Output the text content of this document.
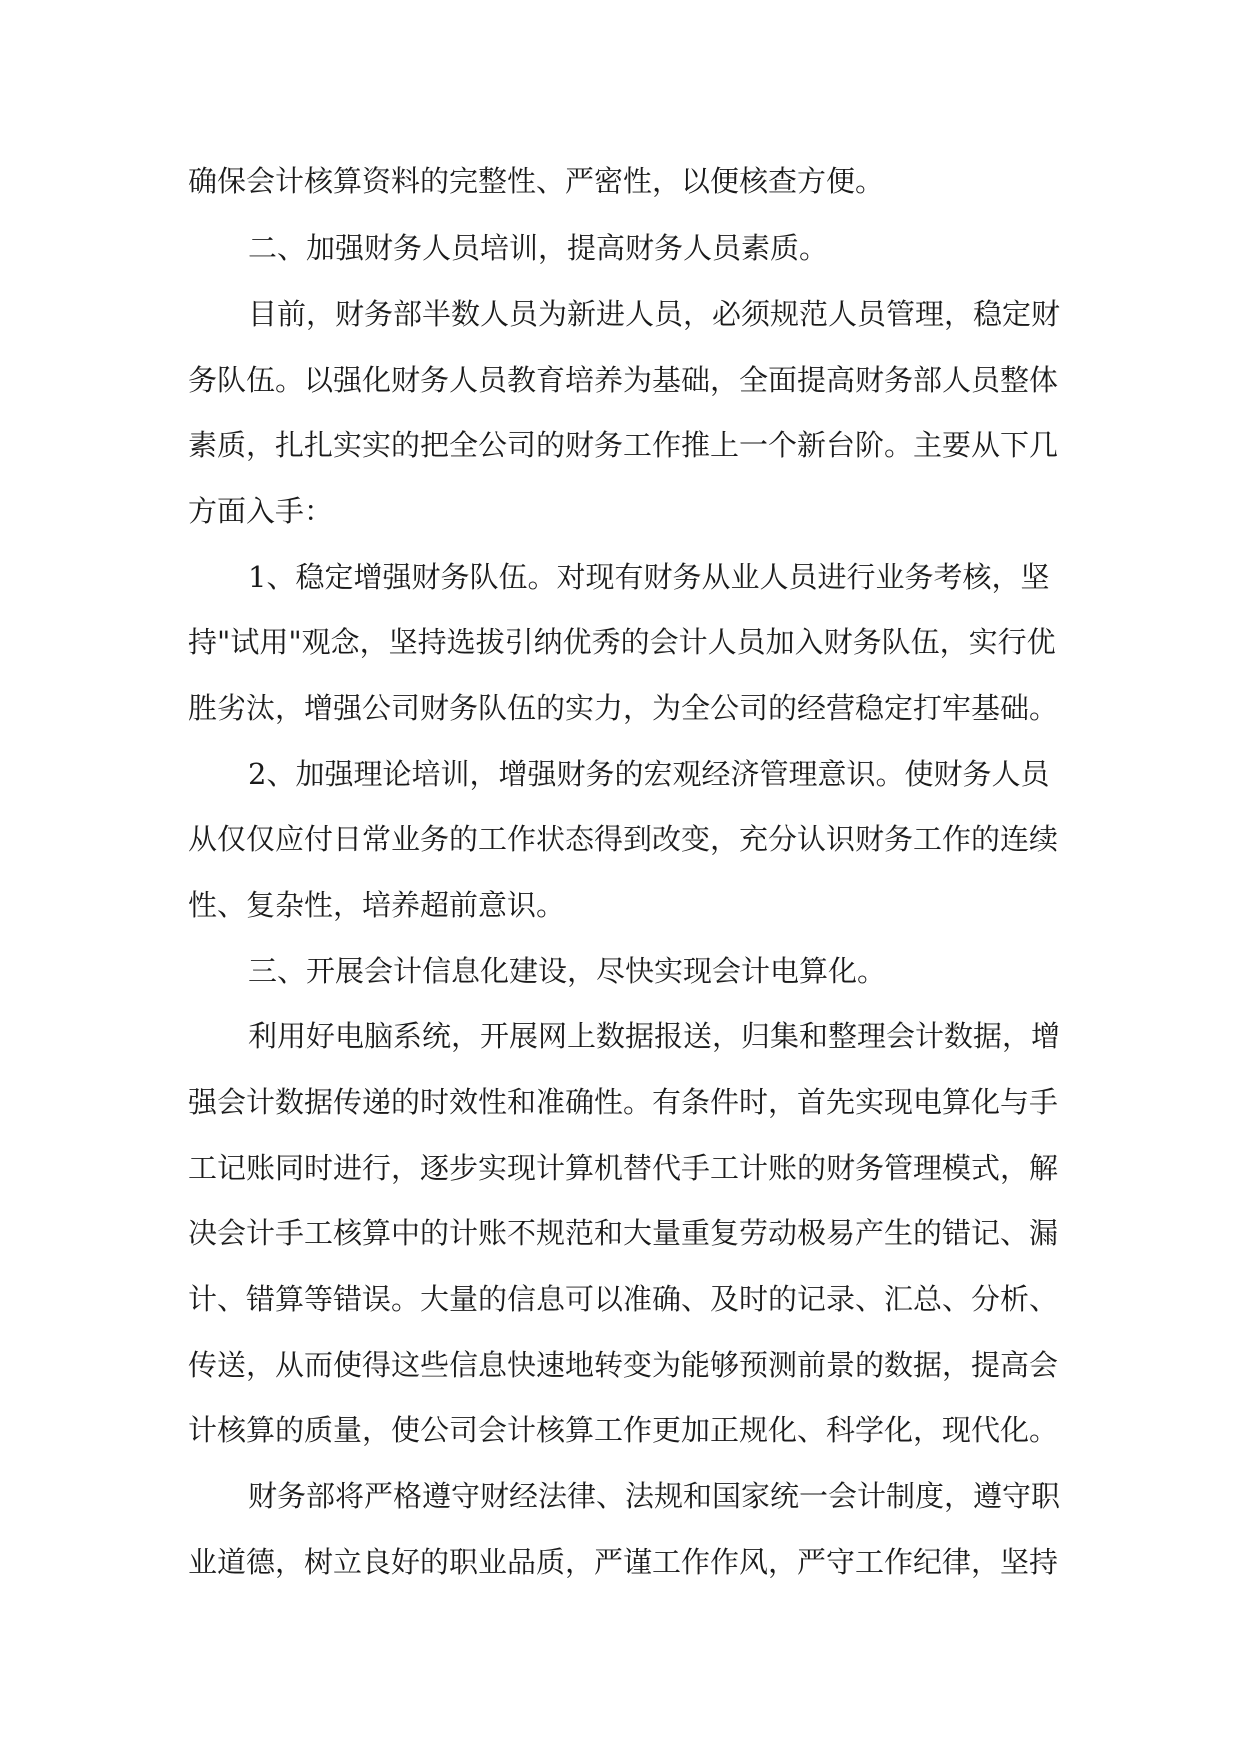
确保会计核算资料的完整性、严密性，以便核查方便。
二、加强财务人员培训，提高财务人员素质。
目前，财务部半数人员为新进人员，必须规范人员管理，稳定财
务队伍。以强化财务人员教育培养为基础，全面提高财务部人员整体
素质，扎扎实实的把全公司的财务工作推上一个新台阶。主要从下几
方面入手：
1、稳定增强财务队伍。对现有财务从业人员进行业务考核，坚
持"试用"观念，坚持选拔引纳优秀的会计人员加入财务队伍，实行优
胜劣汰，增强公司财务队伍的实力，为全公司的经营稳定打牢基础。
2、加强理论培训，增强财务的宏观经济管理意识。使财务人员
从仅仅应付日常业务的工作状态得到改变，充分认识财务工作的连续
性、复杂性，培养超前意识。
三、开展会计信息化建设，尽快实现会计电算化。
利用好电脑系统，开展网上数据报送，归集和整理会计数据，增
强会计数据传递的时效性和准确性。有条件时，首先实现电算化与手
工记账同时进行，逐步实现计算机替代手工计账的财务管理模式，解
决会计手工核算中的计账不规范和大量重复劳动极易产生的错记、漏
计、错算等错误。大量的信息可以准确、及时的记录、汇总、分析、
传送，从而使得这些信息快速地转变为能够预测前景的数据，提高会
计核算的质量，使公司会计核算工作更加正规化、科学化，现代化。
财务部将严格遵守财经法律、法规和国家统一会计制度，遵守职
业道德，树立良好的职业品质，严谨工作作风，严守工作纪律，坚持
